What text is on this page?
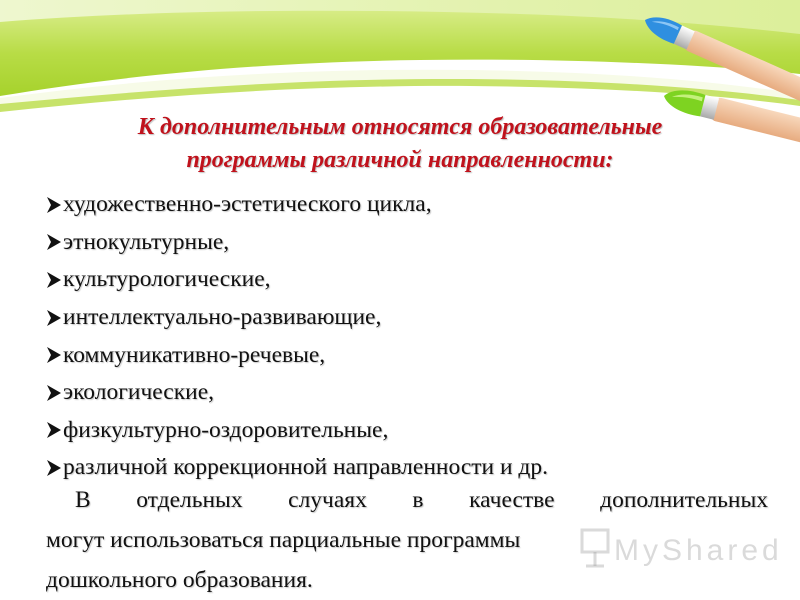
К дополнительным относятся образовательные
программы различной направленности:
художественно-эстетического цикла,
этнокультурные,
культурологические,
интеллектуально-развивающие,
коммуникативно-речевые,
экологические,
физкультурно-оздоровительные,
различной коррекционной направленности и др.
В отдельных случаях в качестве дополнительных
могут использоваться парциальные программы
дошкольного образования.
MyShared
